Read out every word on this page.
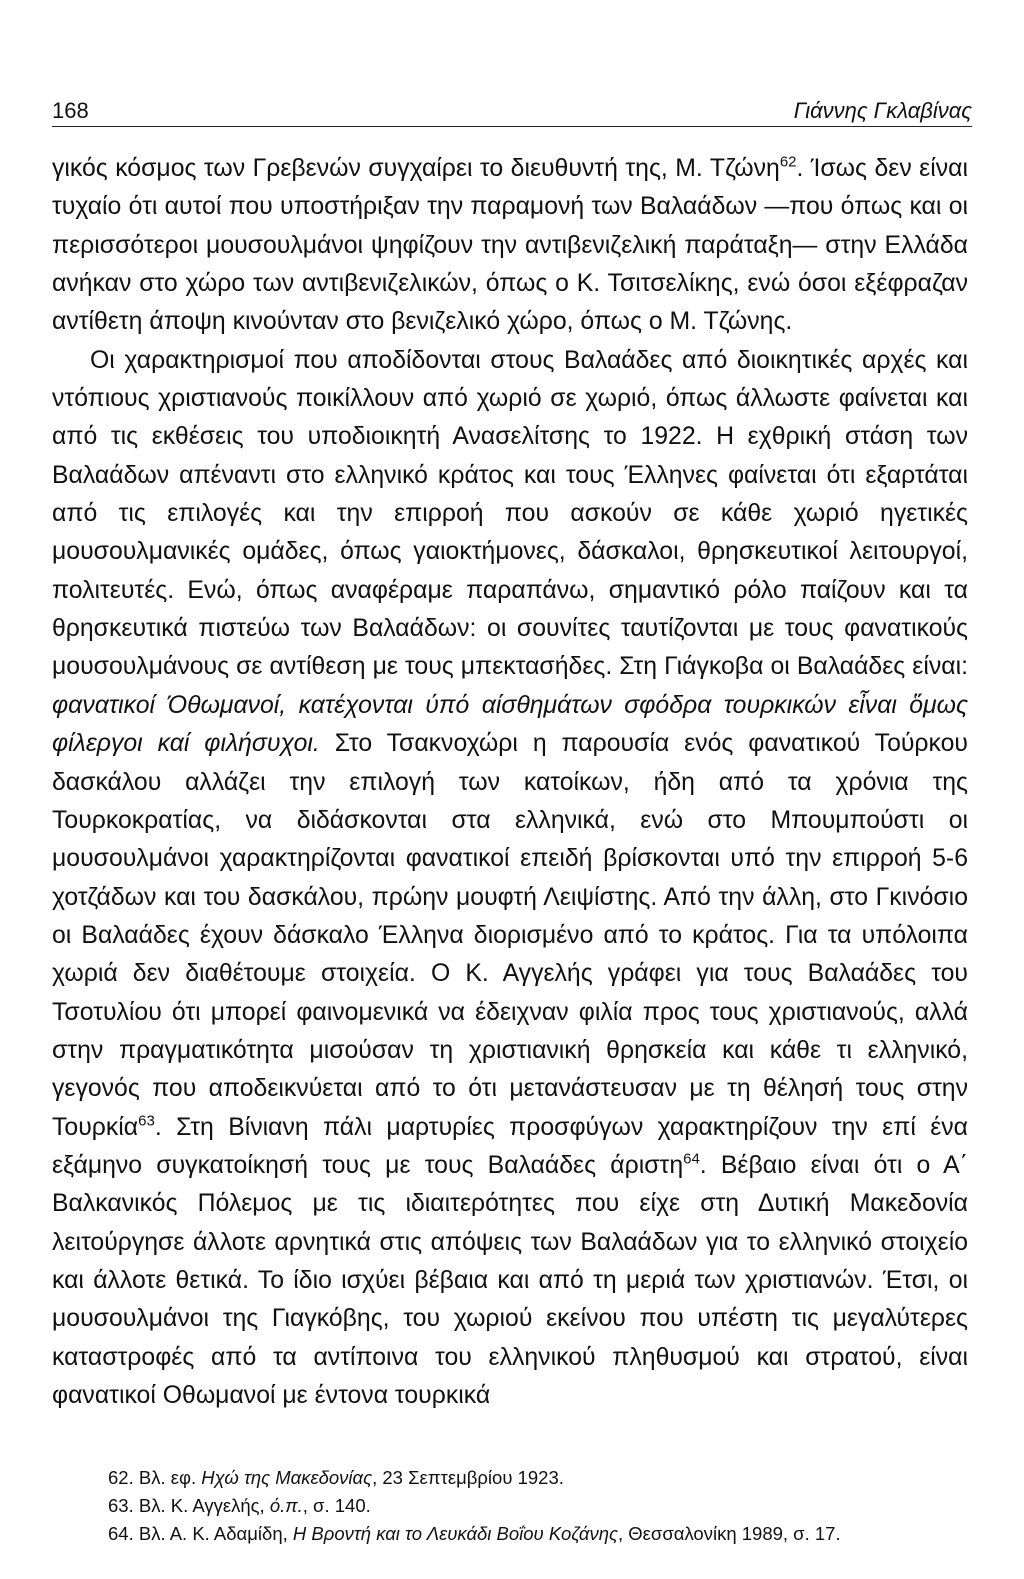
168	Γιάννης Γκλαβίνας

γικός κόσμος των Γρεβενών συγχαίρει το διευθυντή της, Μ. Τζώνη$^{62}$. Ίσως δεν είναι τυχαίο ότι αυτοί που υποστήριξαν την παραμονή των Βαλαάδων —που όπως και οι περισσότεροι μουσουλμάνοι ψηφίζουν την αντιβενιζελική παράταξη— στην Ελλάδα ανήκαν στο χώρο των αντιβενιζελικών, όπως ο Κ. Τσιτσελίκης, ενώ όσοι εξέφραζαν αντίθετη άποψη κινούνταν στο βενιζελικό χώρο, όπως ο Μ. Τζώνης.

Οι χαρακτηρισμοί που αποδίδονται στους Βαλαάδες από διοικητικές αρχές και ντόπιους χριστιανούς ποικίλλουν από χωριό σε χωριό, όπως άλλωστε φαίνεται και από τις εκθέσεις του υποδιοικητή Ανασελίτσης το 1922. Η εχθρική στάση των Βαλαάδων απέναντι στο ελληνικό κράτος και τους Έλληνες φαίνεται ότι εξαρτάται από τις επιλογές και την επιρροή που ασκούν σε κάθε χωριό ηγετικές μουσουλμανικές ομάδες, όπως γαιοκτήμονες, δάσκαλοι, θρησκευτικοί λειτουργοί, πολιτευτές. Ενώ, όπως αναφέραμε παραπάνω, σημαντικό ρόλο παίζουν και τα θρησκευτικά πιστεύω των Βαλαάδων: οι σουνίτες ταυτίζονται με τους φανατικούς μουσουλμάνους σε αντίθεση με τους μπεκτασήδες. Στη Γιάγκοβα οι Βαλαάδες είναι: φανατικοί Όθωμανοί, κατέχονται ύπό αίσθημάτων σφόδρα τουρκικών εἶναι ὅμως φίλεργοι καί φιλήσυχοι. Στο Τσακνοχώρι η παρουσία ενός φανατικού Τούρκου δασκάλου αλλάζει την επιλογή των κατοίκων, ήδη από τα χρόνια της Τουρκοκρατίας, να διδάσκονται στα ελληνικά, ενώ στο Μπουμπούστι οι μουσουλμάνοι χαρακτηρίζονται φανατικοί επειδή βρίσκονται υπό την επιρροή 5-6 χοτζάδων και του δασκάλου, πρώην μουφτή Λειψίστης. Από την άλλη, στο Γκινόσιο οι Βαλαάδες έχουν δάσκαλο Έλληνα διορισμένο από το κράτος. Για τα υπόλοιπα χωριά δεν διαθέτουμε στοιχεία. Ο Κ. Αγγελής γράφει για τους Βαλαάδες του Τσοτυλίου ότι μπορεί φαινομενικά να έδειχναν φιλία προς τους χριστιανούς, αλλά στην πραγματικότητα μισούσαν τη χριστιανική θρησκεία και κάθε τι ελληνικό, γεγονός που αποδεικνύεται από το ότι μετανάστευσαν με τη θέλησή τους στην Τουρκία$^{63}$. Στη Βίνιανη πάλι μαρτυρίες προσφύγων χαρακτηρίζουν την επί ένα εξάμηνο συγκατοίκησή τους με τους Βαλαάδες άριστη$^{64}$. Βέβαιο είναι ότι ο Α΄ Βαλκανικός Πόλεμος με τις ιδιαιτερότητες που είχε στη Δυτική Μακεδονία λειτούργησε άλλοτε αρνητικά στις απόψεις των Βαλαάδων για το ελληνικό στοιχείο και άλλοτε θετικά. Το ίδιο ισχύει βέβαια και από τη μεριά των χριστιανών. Έτσι, οι μουσουλμάνοι της Γιαγκόβης, του χωριού εκείνου που υπέστη τις μεγαλύτερες καταστροφές από τα αντίποινα του ελληνικού πληθυσμού και στρατού, είναι φανατικοί Οθωμανοί με έντονα τουρκικά

62. Βλ. εφ. Ηχώ της Μακεδονίας, 23 Σεπτεμβρίου 1923.
63. Βλ. Κ. Αγγελής, ό.π., σ. 140.
64. Βλ. Α. Κ. Αδαμίδη, Η Βροντή και το Λευκάδι Βοΐου Κοζάνης, Θεσσαλονίκη 1989, σ. 17.
